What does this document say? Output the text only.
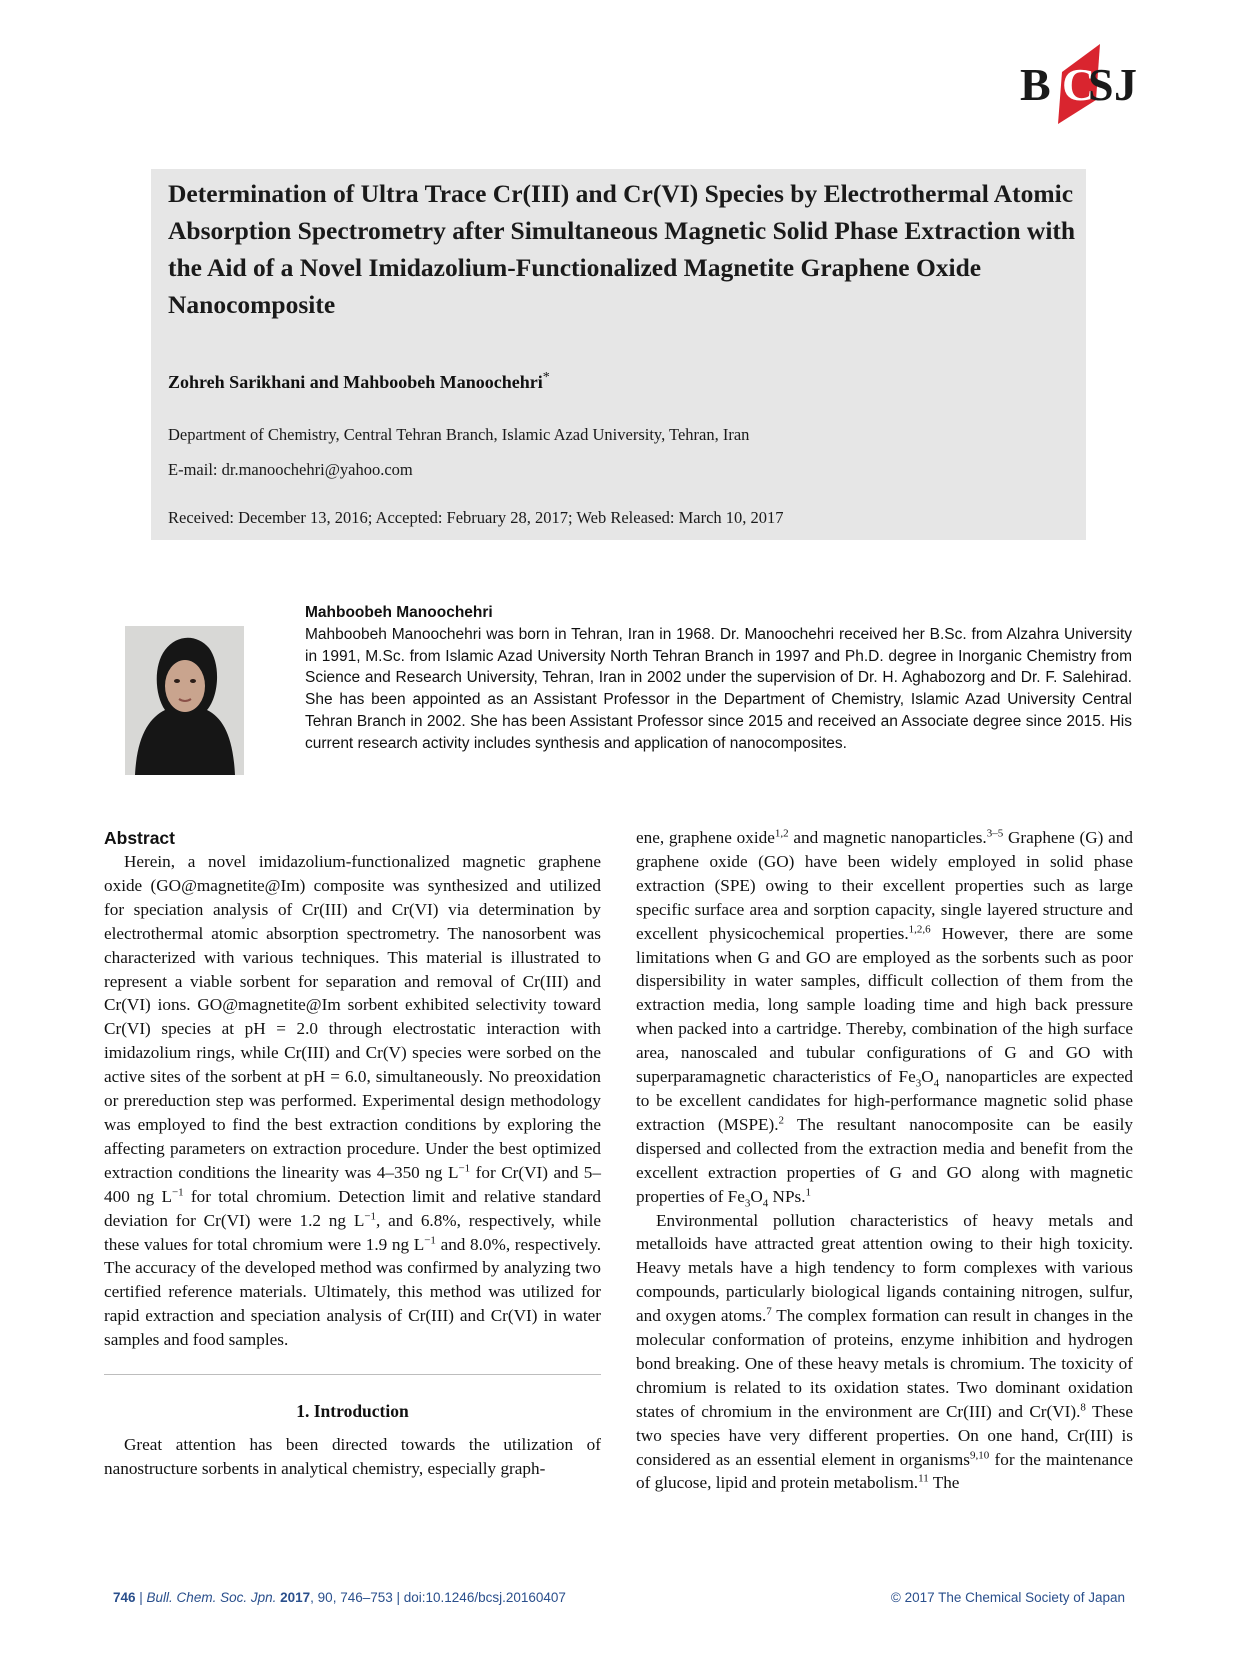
B C
S J
Determination of Ultra Trace Cr(III) and Cr(VI) Species by Electrothermal Atomic Absorption Spectrometry after Simultaneous Magnetic Solid Phase Extraction with the Aid of a Novel Imidazolium-Functionalized Magnetite Graphene Oxide Nanocomposite

Zohreh Sarikhani and Mahboobeh Manoochehri*

Department of Chemistry, Central Tehran Branch, Islamic Azad University, Tehran, Iran

E-mail: dr.manoochehri@yahoo.com

Received: December 13, 2016; Accepted: February 28, 2017; Web Released: March 10, 2017

Mahboobeh Manoochehri

Mahboobeh Manoochehri was born in Tehran, Iran in 1968. Dr. Manoochehri received her B.Sc. from Alzahra University in 1991, M.Sc. from Islamic Azad University North Tehran Branch in 1997 and Ph.D. degree in Inorganic Chemistry from Science and Research University, Tehran, Iran in 2002 under the supervision of Dr. H. Aghabozorg and Dr. F. Salehirad. She has been appointed as an Assistant Professor in the Department of Chemistry, Islamic Azad University Central Tehran Branch in 2002. She has been Assistant Professor since 2015 and received an Associate degree since 2015. His current research activity includes synthesis and application of nanocomposites.

Abstract

Herein, a novel imidazolium-functionalized magnetic graphene oxide (GO@magnetite@Im) composite was synthesized and utilized for speciation analysis of Cr(III) and Cr(VI) via determination by electrothermal atomic absorption spectrometry. The nanosorbent was characterized with various techniques. This material is illustrated to represent a viable sorbent for separation and removal of Cr(III) and Cr(VI) ions. GO@magnetite@Im sorbent exhibited selectivity toward Cr(VI) species at pH = 2.0 through electrostatic interaction with imidazolium rings, while Cr(III) and Cr(V) species were sorbed on the active sites of the sorbent at pH = 6.0, simultaneously. No preoxidation or prereduction step was performed. Experimental design methodology was employed to find the best extraction conditions by exploring the affecting parameters on extraction procedure. Under the best optimized extraction conditions the linearity was 4–350 ng $L^{-1}$ for Cr(VI) and 5–400 ng $L^{-1}$ for total chromium. Detection limit and relative standard deviation for Cr(VI) were 1.2 ng $L^{-1}$, and 6.8%, respectively, while these values for total chromium were 1.9 ng $L^{-1}$ and 8.0%, respectively. The accuracy of the developed method was confirmed by analyzing two certified reference materials. Ultimately, this method was utilized for rapid extraction and speciation analysis of Cr(III) and Cr(VI) in water samples and food samples.

1. Introduction

Great attention has been directed towards the utilization of nanostructure sorbents in analytical chemistry, especially graph-

ene, graphene oxide$^{1,2}$ and magnetic nanoparticles.$^{3-5}$ Graphene (G) and graphene oxide (GO) have been widely employed in solid phase extraction (SPE) owing to their excellent properties such as large specific surface area and sorption capacity, single layered structure and excellent physicochemical properties.$^{1,2,6}$ However, there are some limitations when G and GO are employed as the sorbents such as poor dispersibility in water samples, difficult collection of them from the extraction media, long sample loading time and high back pressure when packed into a cartridge. Thereby, combination of the high surface area, nanoscaled and tubular configurations of G and GO with superparamagnetic characteristics of $Fe_3O_4$ nanoparticles are expected to be excellent candidates for high-performance magnetic solid phase extraction (MSPE).$^2$ The resultant nanocomposite can be easily dispersed and collected from the extraction media and benefit from the excellent extraction properties of G and GO along with magnetic properties of $Fe_3O_4$ NPs.$^1$

Environmental pollution characteristics of heavy metals and metalloids have attracted great attention owing to their high toxicity. Heavy metals have a high tendency to form complexes with various compounds, particularly biological ligands containing nitrogen, sulfur, and oxygen atoms.$^7$ The complex formation can result in changes in the molecular conformation of proteins, enzyme inhibition and hydrogen bond breaking. One of these heavy metals is chromium. The toxicity of chromium is related to its oxidation states. Two dominant oxidation states of chromium in the environment are Cr(III) and Cr(VI).$^8$ These two species have very different properties. On one hand, Cr(III) is considered as an essential element in organisms$^{9,10}$ for the maintenance of glucose, lipid and protein metabolism.$^{11}$ The

746 | Bull. Chem. Soc. Jpn. 2017, 90, 746–753 | doi:10.1246/bcsj.20160407	© 2017 The Chemical Society of Japan
